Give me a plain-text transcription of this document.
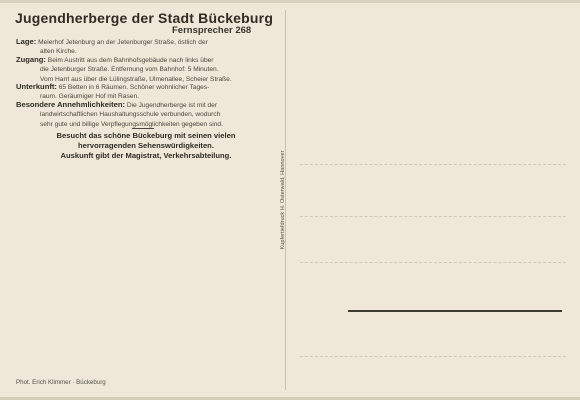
Jugendherberge der Stadt Bückeburg
Fernsprecher 268
Lage: Meierhof Jetenburg an der Jetenburger Straße, östlich der
alten Kirche.
Zugang: Beim Austritt aus dem Bahnhofsgebäude nach links über
die Jetenburger Straße. Entfernung vom Bahnhof: 5 Minuten.
Vom Harrl aus über die Lülingstraße, Ulmenallee, Scheier Straße.
Unterkunft: 65 Betten in 6 Räumen. Schöner wohnlicher Tages-
raum. Geräumiger Hof mit Rasen.
Besondere Annehmlichkeiten: Die Jugendherberge ist mit der
landwirtschaftlichen Haushaltungsschule verbunden, wodurch
sehr gute und billige Verpflegungsmöglichkeiten gegeben sind.
Besucht das schöne Bückeburg mit seinen vielen
hervorragenden Sehenswürdigkeiten.
Auskunft gibt der Magistrat, Verkehrsabteilung.
Phot. Erich Klimmer · Bückeburg
Kupfertiefdruck H. Osterwald, Hannover
